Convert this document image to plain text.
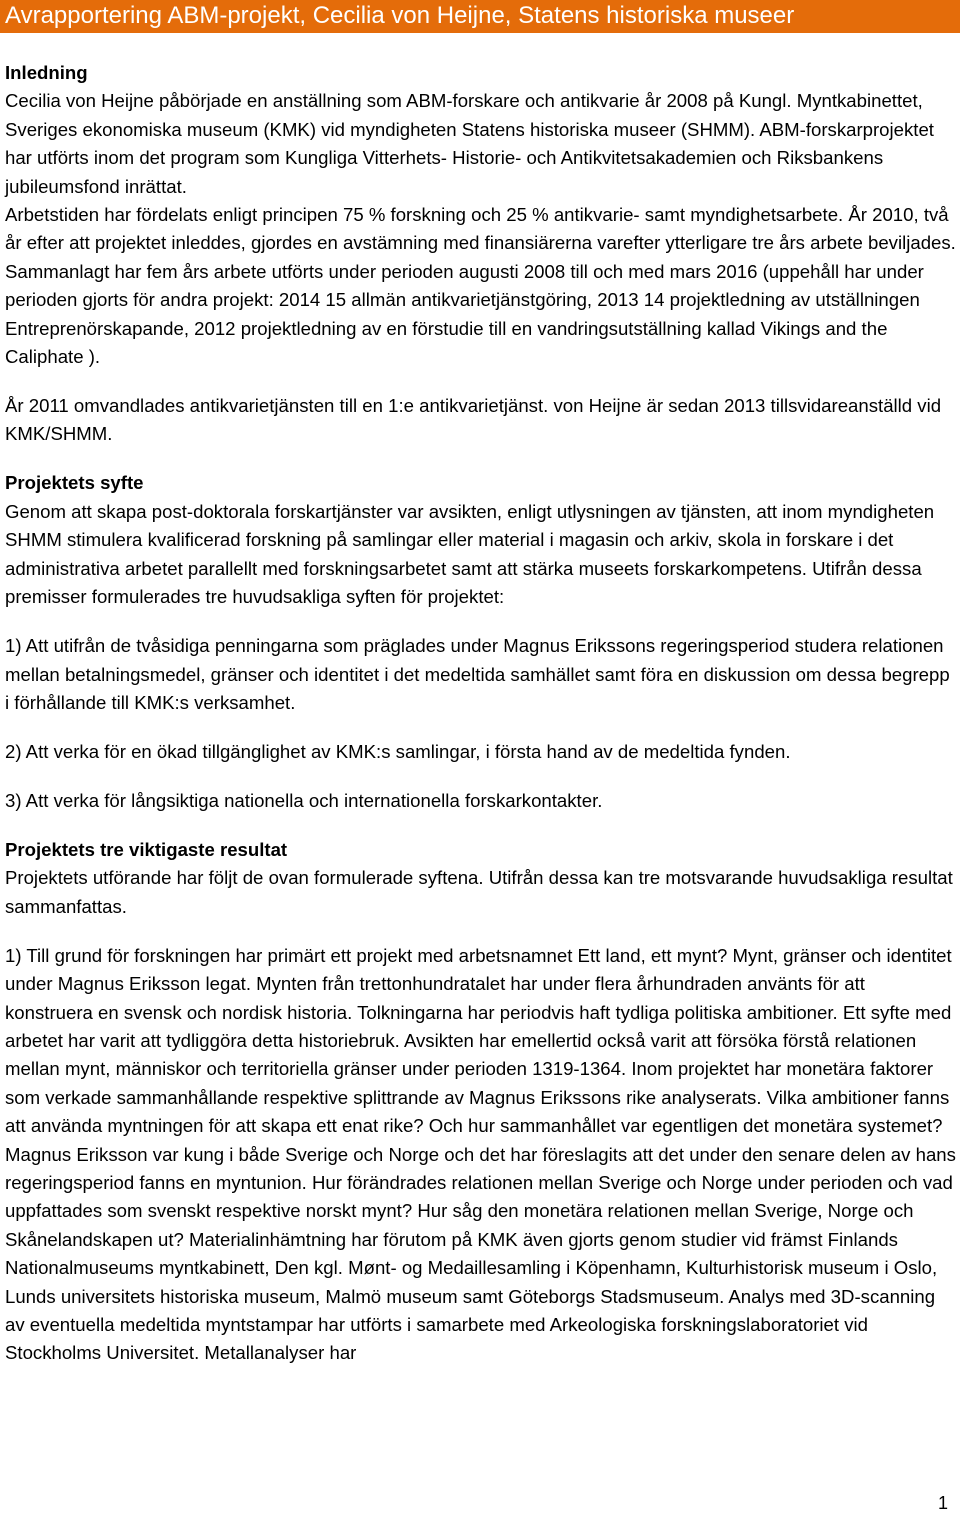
Avrapportering ABM-projekt, Cecilia von Heijne, Statens historiska museer
Inledning

Cecilia von Heijne påbörjade en anställning som ABM-forskare och antikvarie år 2008 på Kungl. Myntkabinettet, Sveriges ekonomiska museum (KMK) vid myndigheten Statens historiska museer (SHMM). ABM-forskarprojektet har utförts inom det program som Kungliga Vitterhets- Historie- och Antikvitetsakademien och Riksbankens jubileumsfond inrättat.

Arbetstiden har fördelats enligt principen 75 % forskning och 25 % antikvarie- samt myndighetsarbete. År 2010, två år efter att projektet inleddes, gjordes en avstämning med finansiärerna varefter ytterligare tre års arbete beviljades. Sammanlagt har fem års arbete utförts under perioden augusti 2008 till och med mars 2016 (uppehåll har under perioden gjorts för andra projekt: 2014 15 allmän antikvarietjänstgöring, 2013 14 projektledning av utställningen Entreprenörskapande, 2012 projektledning av en förstudie till en vandringsutställning kallad Vikings and the Caliphate ).

År 2011 omvandlades antikvarietjänsten till en 1:e antikvarietjänst. von Heijne är sedan 2013 tillsvidareanställd vid KMK/SHMM.

Projektets syfte

Genom att skapa post-doktorala forskartjänster var avsikten, enligt utlysningen av tjänsten, att inom myndigheten SHMM stimulera kvalificerad forskning på samlingar eller material i magasin och arkiv, skola in forskare i det administrativa arbetet parallellt med forskningsarbetet samt att stärka museets forskarkompetens. Utifrån dessa premisser formulerades tre huvudsakliga syften för projektet:

1) Att utifrån de tvåsidiga penningarna som präglades under Magnus Erikssons regeringsperiod studera relationen mellan betalningsmedel, gränser och identitet i det medeltida samhället samt föra en diskussion om dessa begrepp i förhållande till KMK:s verksamhet.

2) Att verka för en ökad tillgänglighet av KMK:s samlingar, i första hand av de medeltida fynden.

3) Att verka för långsiktiga nationella och internationella forskarkontakter.

Projektets tre viktigaste resultat

Projektets utförande har följt de ovan formulerade syftena. Utifrån dessa kan tre motsvarande huvudsakliga resultat sammanfattas.

1) Till grund för forskningen har primärt ett projekt med arbetsnamnet Ett land, ett mynt? Mynt, gränser och identitet under Magnus Eriksson legat. Mynten från trettonhundratalet har under flera århundraden använts för att konstruera en svensk och nordisk historia. Tolkningarna har periodvis haft tydliga politiska ambitioner. Ett syfte med arbetet har varit att tydliggöra detta historiebruk. Avsikten har emellertid också varit att försöka förstå relationen mellan mynt, människor och territoriella gränser under perioden 1319-1364. Inom projektet har monetära faktorer som verkade sammanhållande respektive splittrande av Magnus Erikssons rike analyserats. Vilka ambitioner fanns att använda myntningen för att skapa ett enat rike? Och hur sammanhållet var egentligen det monetära systemet? Magnus Eriksson var kung i både Sverige och Norge och det har föreslagits att det under den senare delen av hans regeringsperiod fanns en myntunion. Hur förändrades relationen mellan Sverige och Norge under perioden och vad uppfattades som svenskt respektive norskt mynt? Hur såg den monetära relationen mellan Sverige, Norge och Skånelandskapen ut? Materialinhämtning har förutom på KMK även gjorts genom studier vid främst Finlands Nationalmuseums myntkabinett, Den kgl. Mønt- og Medaillesamling i Köpenhamn, Kulturhistorisk museum i Oslo, Lunds universitets historiska museum, Malmö museum samt Göteborgs Stadsmuseum. Analys med 3D-scanning av eventuella medeltida myntstampar har utförts i samarbete med Arkeologiska forskningslaboratoriet vid Stockholms Universitet. Metallanalyser har

1
